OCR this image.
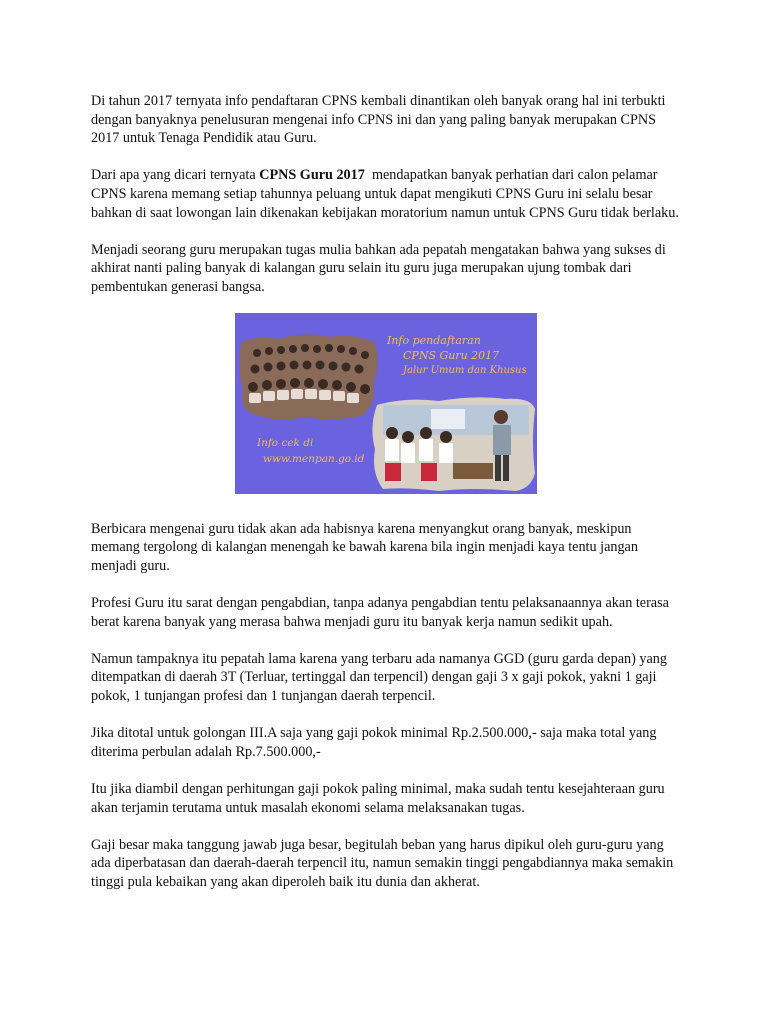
Di tahun 2017 ternyata info pendaftaran CPNS kembali dinantikan oleh banyak orang hal ini terbukti dengan banyaknya penelusuran mengenai info CPNS ini dan yang paling banyak merupakan CPNS 2017 untuk Tenaga Pendidik atau Guru.

Dari apa yang dicari ternyata CPNS Guru 2017  mendapatkan banyak perhatian dari calon pelamar CPNS karena memang setiap tahunnya peluang untuk dapat mengikuti CPNS Guru ini selalu besar bahkan di saat lowongan lain dikenakan kebijakan moratorium namun untuk CPNS Guru tidak berlaku.

Menjadi seorang guru merupakan tugas mulia bahkan ada pepatah mengatakan bahwa yang sukses di akhirat nanti paling banyak di kalangan guru selain itu guru juga merupakan ujung tombak dari pembentukan generasi bangsa.

Info pendaftaran
CPNS Guru 2017
Jalur Umum dan Khusus
Info cek di
www.menpan.go.id

Berbicara mengenai guru tidak akan ada habisnya karena menyangkut orang banyak, meskipun memang tergolong di kalangan menengah ke bawah karena bila ingin menjadi kaya tentu jangan menjadi guru.

Profesi Guru itu sarat dengan pengabdian, tanpa adanya pengabdian tentu pelaksanaannya akan terasa berat karena banyak yang merasa bahwa menjadi guru itu banyak kerja namun sedikit upah.

Namun tampaknya itu pepatah lama karena yang terbaru ada namanya GGD (guru garda depan) yang ditempatkan di daerah 3T (Terluar, tertinggal dan terpencil) dengan gaji 3 x gaji pokok, yakni 1 gaji pokok, 1 tunjangan profesi dan 1 tunjangan daerah terpencil.

Jika ditotal untuk golongan III.A saja yang gaji pokok minimal Rp.2.500.000,- saja maka total yang diterima perbulan adalah Rp.7.500.000,-

Itu jika diambil dengan perhitungan gaji pokok paling minimal, maka sudah tentu kesejahteraan guru akan terjamin terutama untuk masalah ekonomi selama melaksanakan tugas.

Gaji besar maka tanggung jawab juga besar, begitulah beban yang harus dipikul oleh guru-guru yang ada diperbatasan dan daerah-daerah terpencil itu, namun semakin tinggi pengabdiannya maka semakin tinggi pula kebaikan yang akan diperoleh baik itu dunia dan akherat.
